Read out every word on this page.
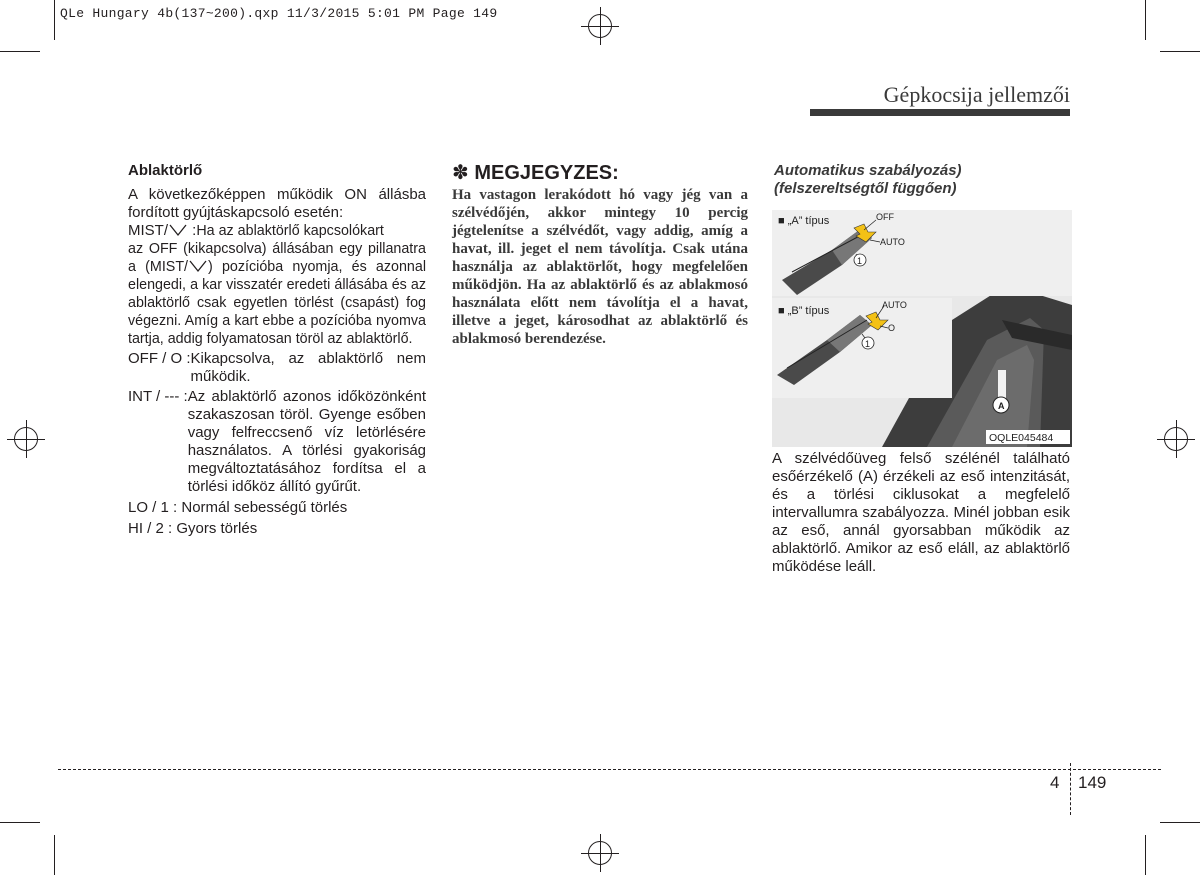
QLe Hungary 4b(137~200).qxp 11/3/2015 5:01 PM Page 149
Gépkocsija jellemzői
Ablaktörlő

A következőképpen működik ON állásba fordított gyújtáskapcsoló esetén:

MIST/ : Ha az ablaktörlő kapcsolókart

az OFF (kikapcsolva) állásában egy pillanatra a (MIST/ ) pozícióba nyomja, és azonnal elengedi, a kar visszatér eredeti állásába és az ablaktörlő csak egyetlen törlést (csapást) fog végezni. Amíg a kart ebbe a pozícióba nyomva tartja, addig folyamatosan töröl az ablaktörlő.

OFF / O : Kikapcsolva, az ablaktörlő nem működik.
INT / --- : Az ablaktörlő azonos időközönként szakaszosan töröl. Gyenge esőben vagy felfreccsenő víz letörlésére használatos. A törlési gyakoriság megváltoztatásához fordítsa el a törlési időköz állító gyűrűt.

LO / 1 : Normál sebességű törlés

HI / 2 : Gyors törlés

✽ MEGJEGYZES:
Ha vastagon lerakódott hó vagy jég van a szélvédőjén, akkor mintegy 10 percig jégtelenítse a szélvédőt, vagy addig, amíg a havat, ill. jeget el nem távolítja. Csak utána használja az ablaktörlőt, hogy megfelelően működjön. Ha az ablaktörlő és az ablakmosó használata előtt nem távolítja el a havat, illetve a jeget, károsodhat az ablaktörlő és ablakmosó berendezése.
Automatikus szabályozás)
(felszereltségtől függően)
■ „A” típus	OFF
AUTO
1
■ „B” típus	AUTO
O
1
A
OQLE045484
A szélvédőüveg felső szélénél található esőérzékelő (A) érzékeli az eső intenzitását, és a törlési ciklusokat a megfelelő intervallumra szabályozza. Minél jobban esik az eső, annál gyorsabban működik az ablaktörlő. Amikor az eső eláll, az ablaktörlő működése leáll.
4 149
